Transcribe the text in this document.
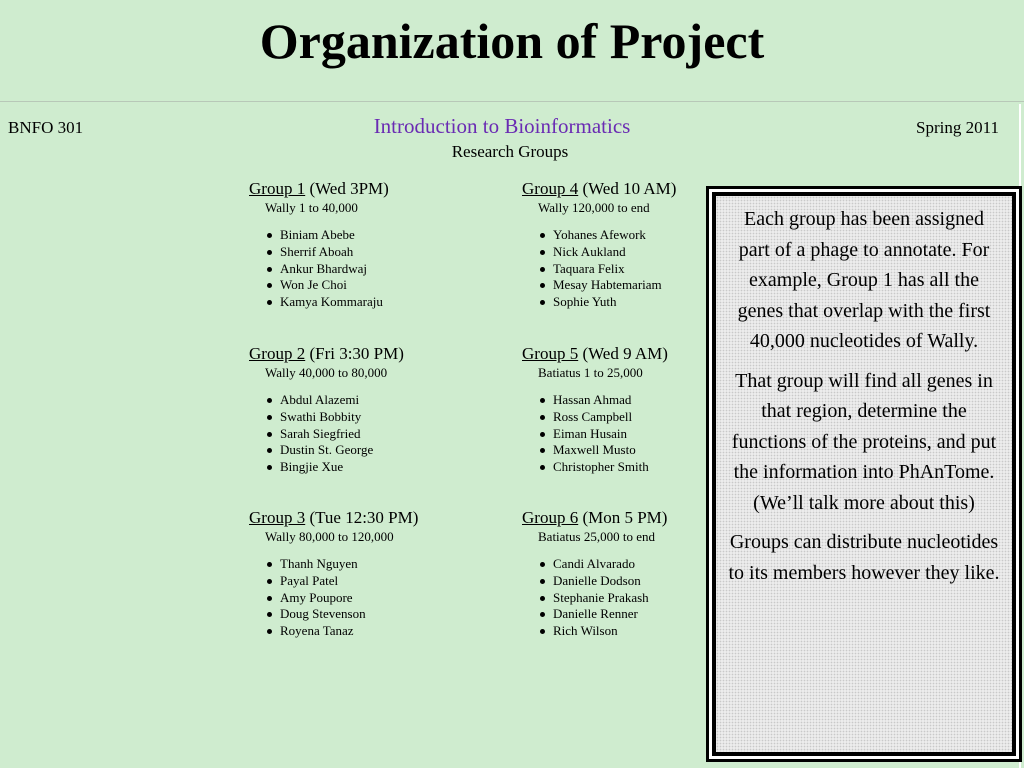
Organization of Project
BNFO 301	Introduction to Bioinformatics
Research Groups
Spring 2011
Group 1 (Wed 3PM)
Wally 1 to 40,000
Biniam Abebe
Sherrif Aboah
Ankur Bhardwaj
Won Je Choi
Kamya Kommaraju
Group 2 (Fri 3:30 PM)
Wally 40,000 to 80,000
Abdul Alazemi
Swathi Bobbity
Sarah Siegfried
Dustin St. George
Bingjie Xue
Group 3 (Tue 12:30 PM)
Wally 80,000 to 120,000
Thanh Nguyen
Payal Patel
Amy Poupore
Doug Stevenson
Royena Tanaz
Group 4 (Wed 10 AM)
Wally 120,000 to end
Yohanes Afework
Nick Aukland
Taquara Felix
Mesay Habtemariam
Sophie Yuth
Group 5 (Wed 9 AM)
Batiatus 1 to 25,000
Hassan Ahmad
Ross Campbell
Eiman Husain
Maxwell Musto
Christopher Smith
Group 6 (Mon 5 PM)
Batiatus 25,000 to end
Candi Alvarado
Danielle Dodson
Stephanie Prakash
Danielle Renner
Rich Wilson

Each group has been assigned part of a phage to annotate. For example, Group 1 has all the genes that overlap with the first 40,000 nucleotides of Wally.

That group will find all genes in that region, determine the functions of the proteins, and put the information into PhAnTome. (We’ll talk more about this)

Groups can distribute nucleotides to its members however they like.
